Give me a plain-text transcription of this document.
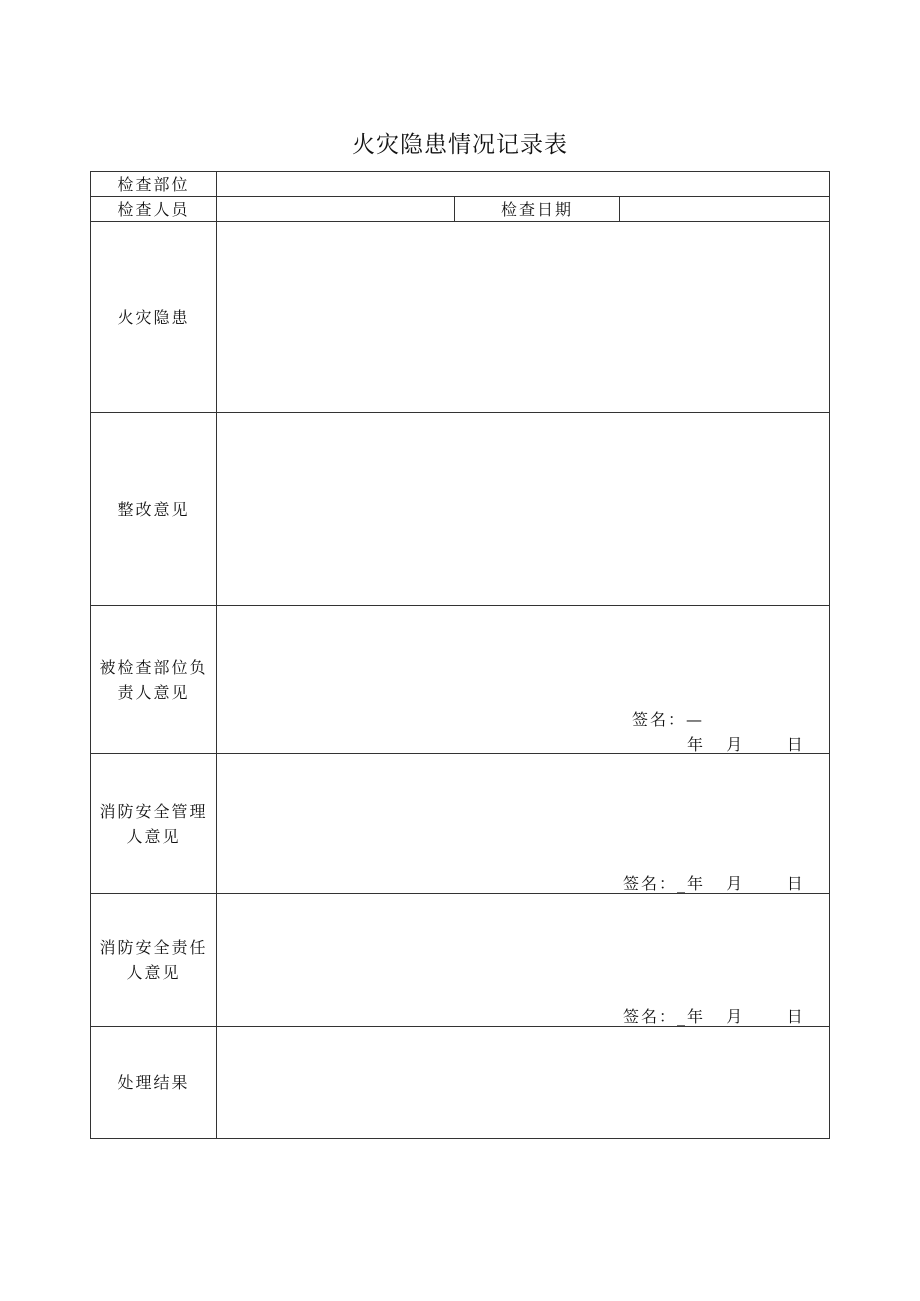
火灾隐患情况记录表
检查部位
检查人员	检查日期
火灾隐患
整改意见
被检查部位负责人意见
签名：—
年   月      日
消防安全管理人意见
签名：_年   月      日
消防安全责任人意见
签名：_年   月      日
处理结果
